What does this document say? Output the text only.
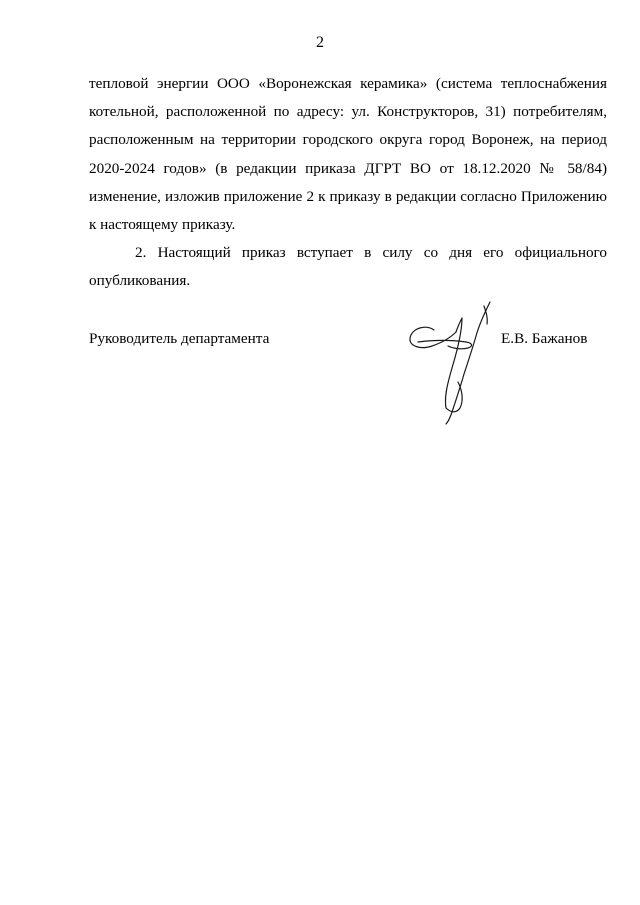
2

тепловой энергии ООО «Воронежская керамика» (система теплоснабжения
котельной, расположенной по адресу: ул. Конструкторов, 31) потребителям,
расположенным на территории городского округа город Воронеж, на период
2020-2024 годов» (в редакции приказа ДГРТ ВО от 18.12.2020 № 58/84)
изменение, изложив приложение 2 к приказу в редакции согласно Приложению
к настоящему приказу.

2. Настоящий приказ вступает в силу со дня его официального
опубликования.

Руководитель департамента	Е.В. Бажанов
